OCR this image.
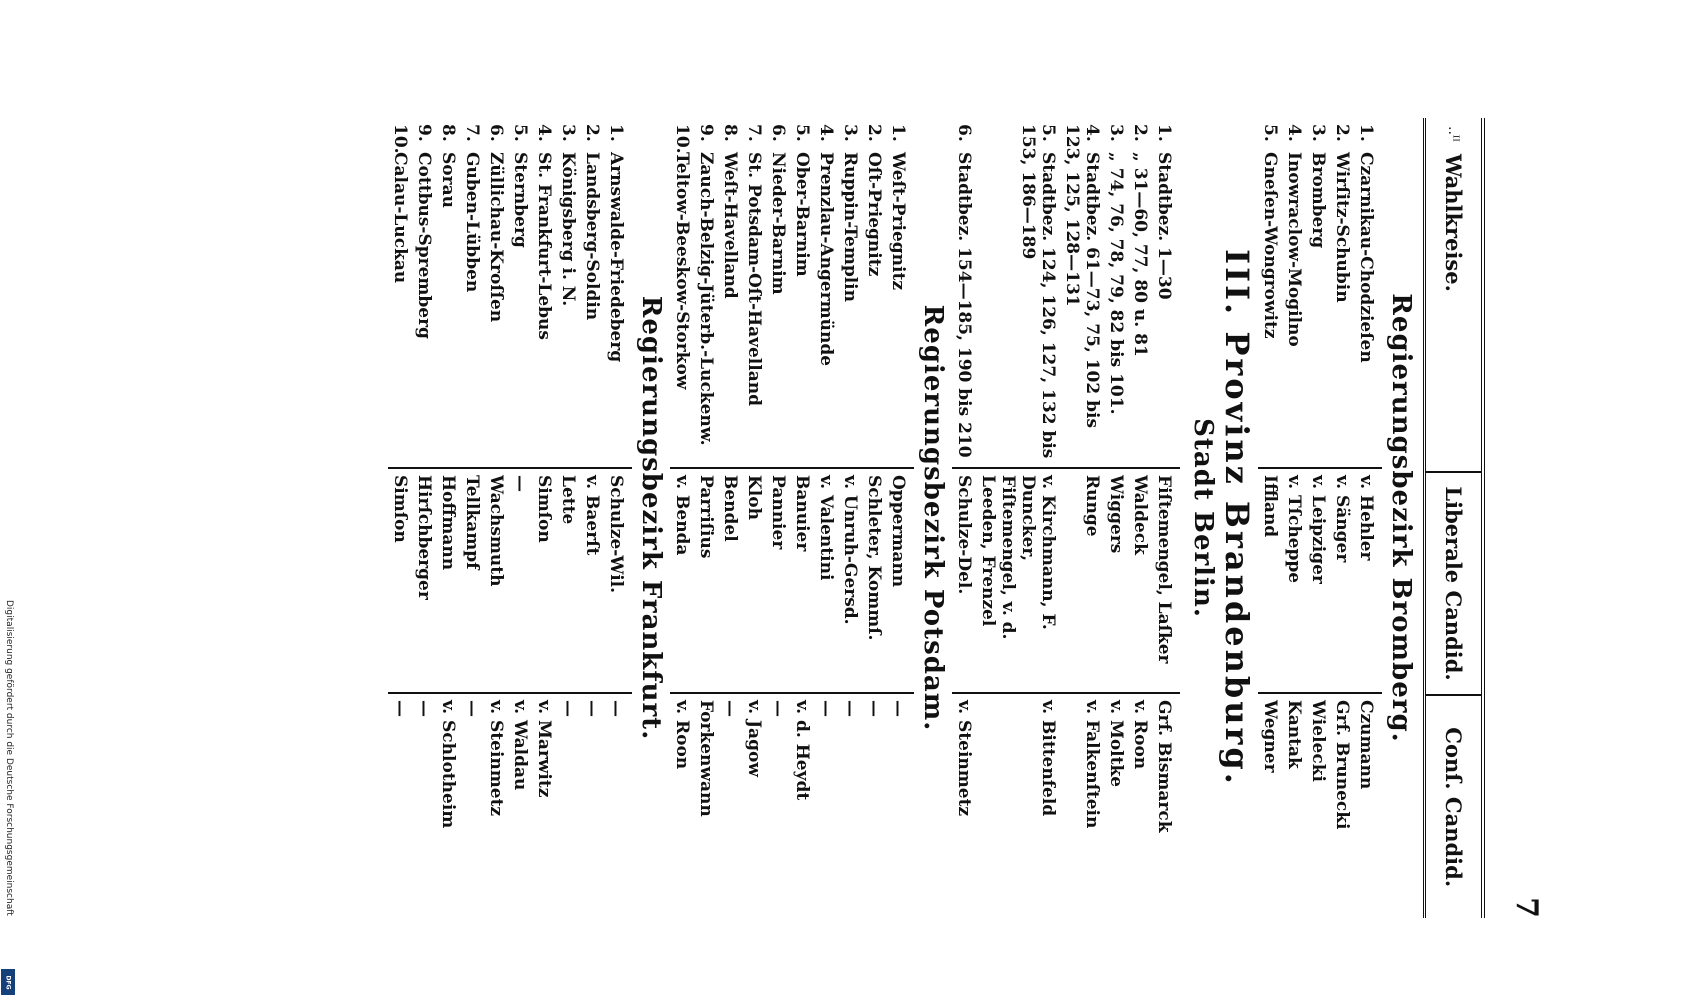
Digitalisierung gefördert durch die Deutsche Forschungsgemeinschaft
DFG
7
..ᴵᴵ
Wahlkreise.
Liberale Candid.
Conſ. Candid.
Regierungsbezirk Bromberg.
1.Czarnikau-Chodzieſen	v. Hehler	Czumann
2.Wirſitz-Schubin	v. Sänger	Grf. Brunecki
3.Bromberg	v. Leipziger	Wielecki
4.Inowraclow-Mogilno	v. Tſcheppe	Kantak
5.Gneſen-Wongrowitz	Iffland	Wegner
III. Provinz Brandenburg.
Stadt Berlin.
1.Stadtbez. 1—30	Fiſtemengel, Laſker	Grf. Bismarck
2.„ 31—60, 77, 80 u. 81	Waldeck	v. Roon
3.„ 74, 76, 78, 79, 82 bis 101.	Wiggers	v. Moltke
4.Stadtbez. 61—73, 75, 102 bis 123, 125, 128—131	Runge	v. Falkenſtein
5.Stadtbez. 124, 126, 127, 132 bis 153, 186—189	v. Kirchmann, F. Duncker, Fiſtemengel, v. d. Leeden, Frenzel	v. Bittenfeld
6.Stadtbez. 154—185, 190 bis 210	Schulze-Del.	v. Steinmetz
Regierungsbezirk Potsdam.
1.Weſt-Priegnitz	Oppermann	—
2.Oſt-Priegnitz	Schleter, Kommſ.	—
3.Ruppin-Templin	v. Unruh-Gersd.	—
4.Prenzlau-Angermünde	v. Valentini	—
5.Ober-Barnim	Banuier	v. d. Heydt
6.Nieder-Barnim	Pannier	—
7.St. Potsdam-Oſt-Havelland	Kloh	v. Jagow
8.Weſt-Havelland	Bendel	—
9.Zauch-Belzig-Jüterb.-Luckenw.	Parriſius	Forkenwann
10.Teltow-Beeskow-Storkow	v. Benda	v. Roon
Regierungsbezirk Frankfurt.
1.Arnswalde-Friedeberg	Schulze-Wil.	—
2.Landsberg-Soldin	v. Baerſt	—
3.Königsberg i. N.	Lette	—
4.St. Frankfurt-Lebus	Simſon	v. Marwitz
5.Sternberg	—	v. Waldau
6.Züllichau-Kroſſen	Wachsmuth	v. Steinmetz
7.Guben-Lübben	Tellkampf	—
8.Sorau	Hoffmann	v. Schlotheim
9.Cottbus-Spremberg	Hirſchberger	—
10.Calau-Luckau	Simſon	—
